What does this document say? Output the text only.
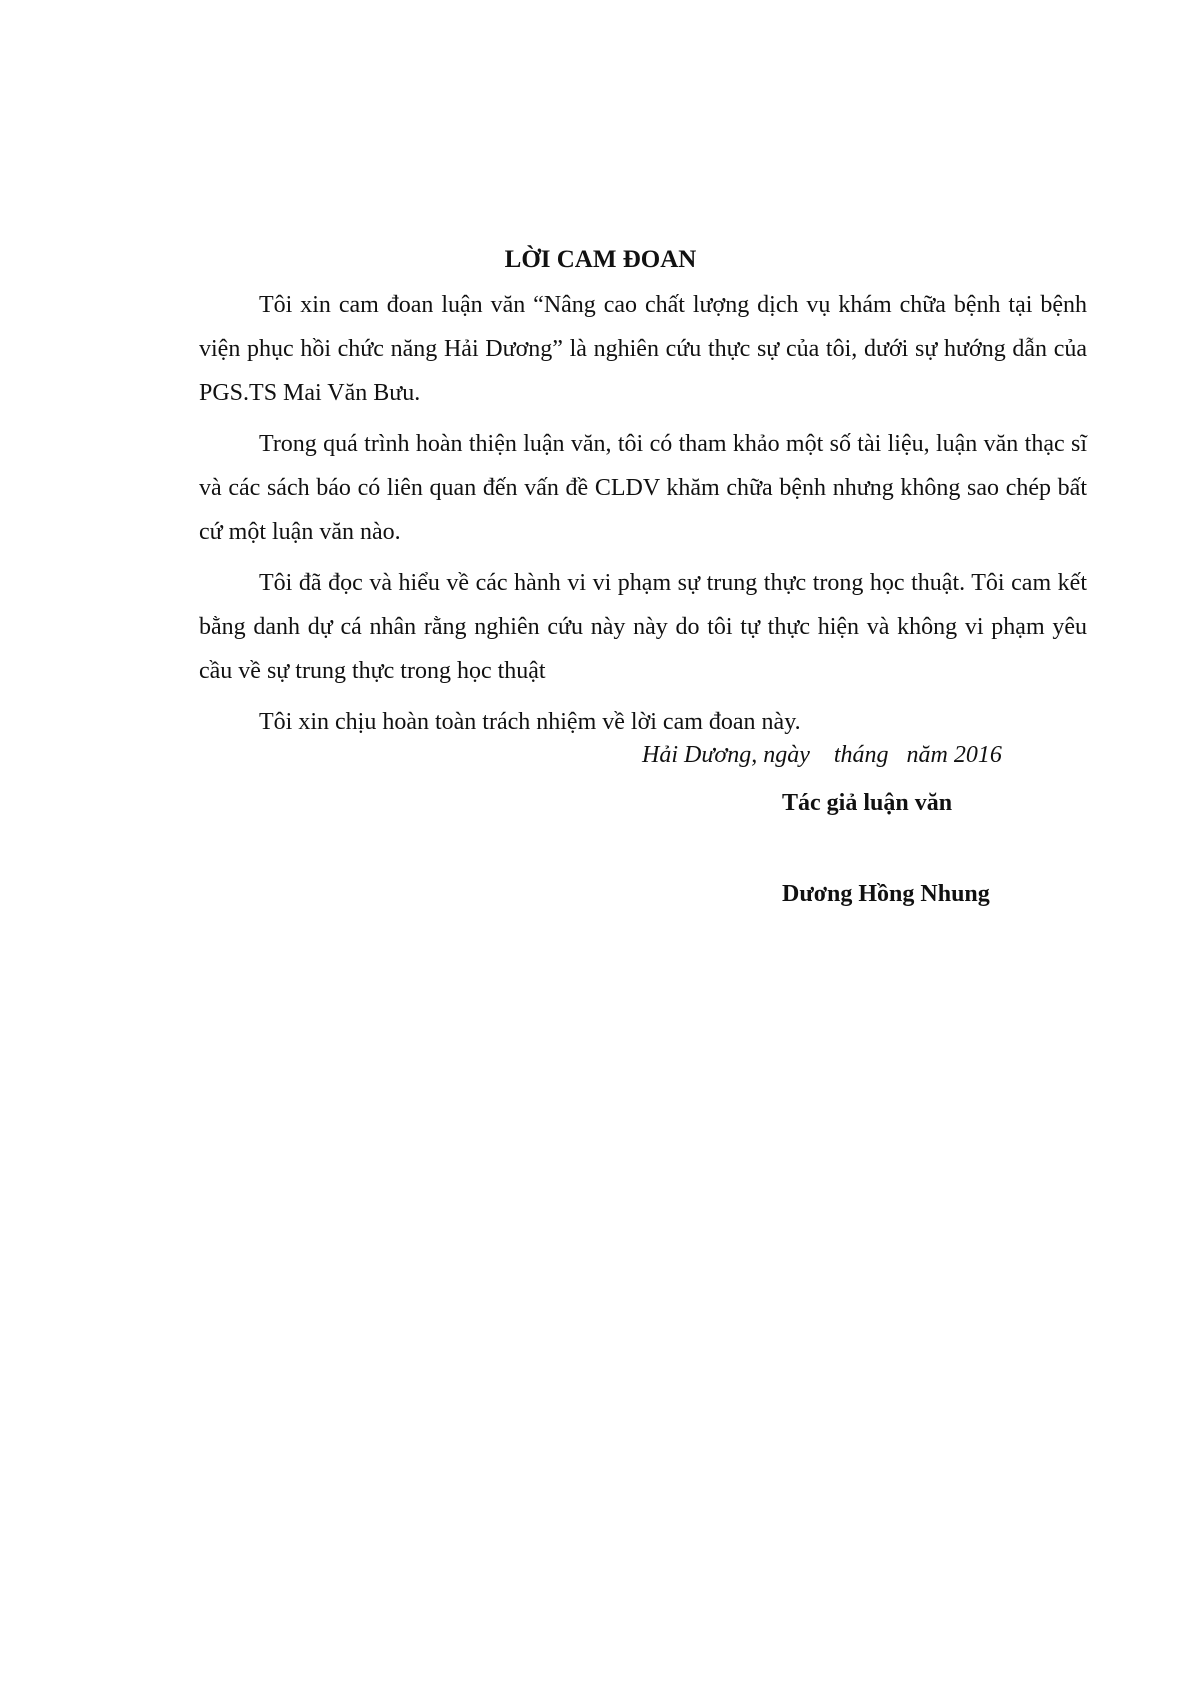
LỜI CAM ĐOAN

Tôi xin cam đoan luận văn “Nâng cao chất lượng dịch vụ khám chữa bệnh tại bệnh viện phục hồi chức năng Hải Dương” là nghiên cứu thực sự của tôi, dưới sự hướng dẫn của PGS.TS Mai Văn Bưu.

Trong quá trình hoàn thiện luận văn, tôi có tham khảo một số tài liệu, luận văn thạc sĩ và các sách báo có liên quan đến vấn đề CLDV khăm chữa bệnh nhưng không sao chép bất cứ một luận văn nào.

Tôi đã đọc và hiểu về các hành vi vi phạm sự trung thực trong học thuật. Tôi cam kết bằng danh dự cá nhân rằng nghiên cứu này này do tôi tự thực hiện và không vi phạm yêu cầu về sự trung thực trong học thuật

Tôi xin chịu hoàn toàn trách nhiệm về lời cam đoan này.

Hải Dương, ngày    tháng   năm 2016
Tác giả luận văn
Dương Hồng Nhung
